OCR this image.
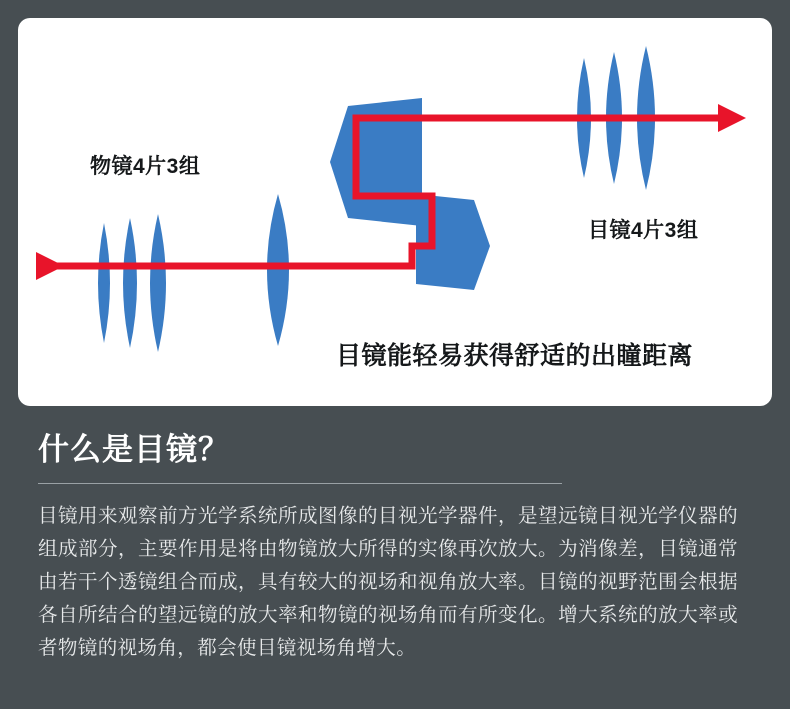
物镜4片3组
目镜4片3组
目镜能轻易获得舒适的出瞳距离
什么是目镜？

目镜用来观察前方光学系统所成图像的目视光学器件，是望远镜目视光学仪器的组成部分，主要作用是将由物镜放大所得的实像再次放大。为消像差，目镜通常由若干个透镜组合而成，具有较大的视场和视角放大率。目镜的视野范围会根据各自所结合的望远镜的放大率和物镜的视场角而有所变化。增大系统的放大率或者物镜的视场角，都会使目镜视场角增大。
